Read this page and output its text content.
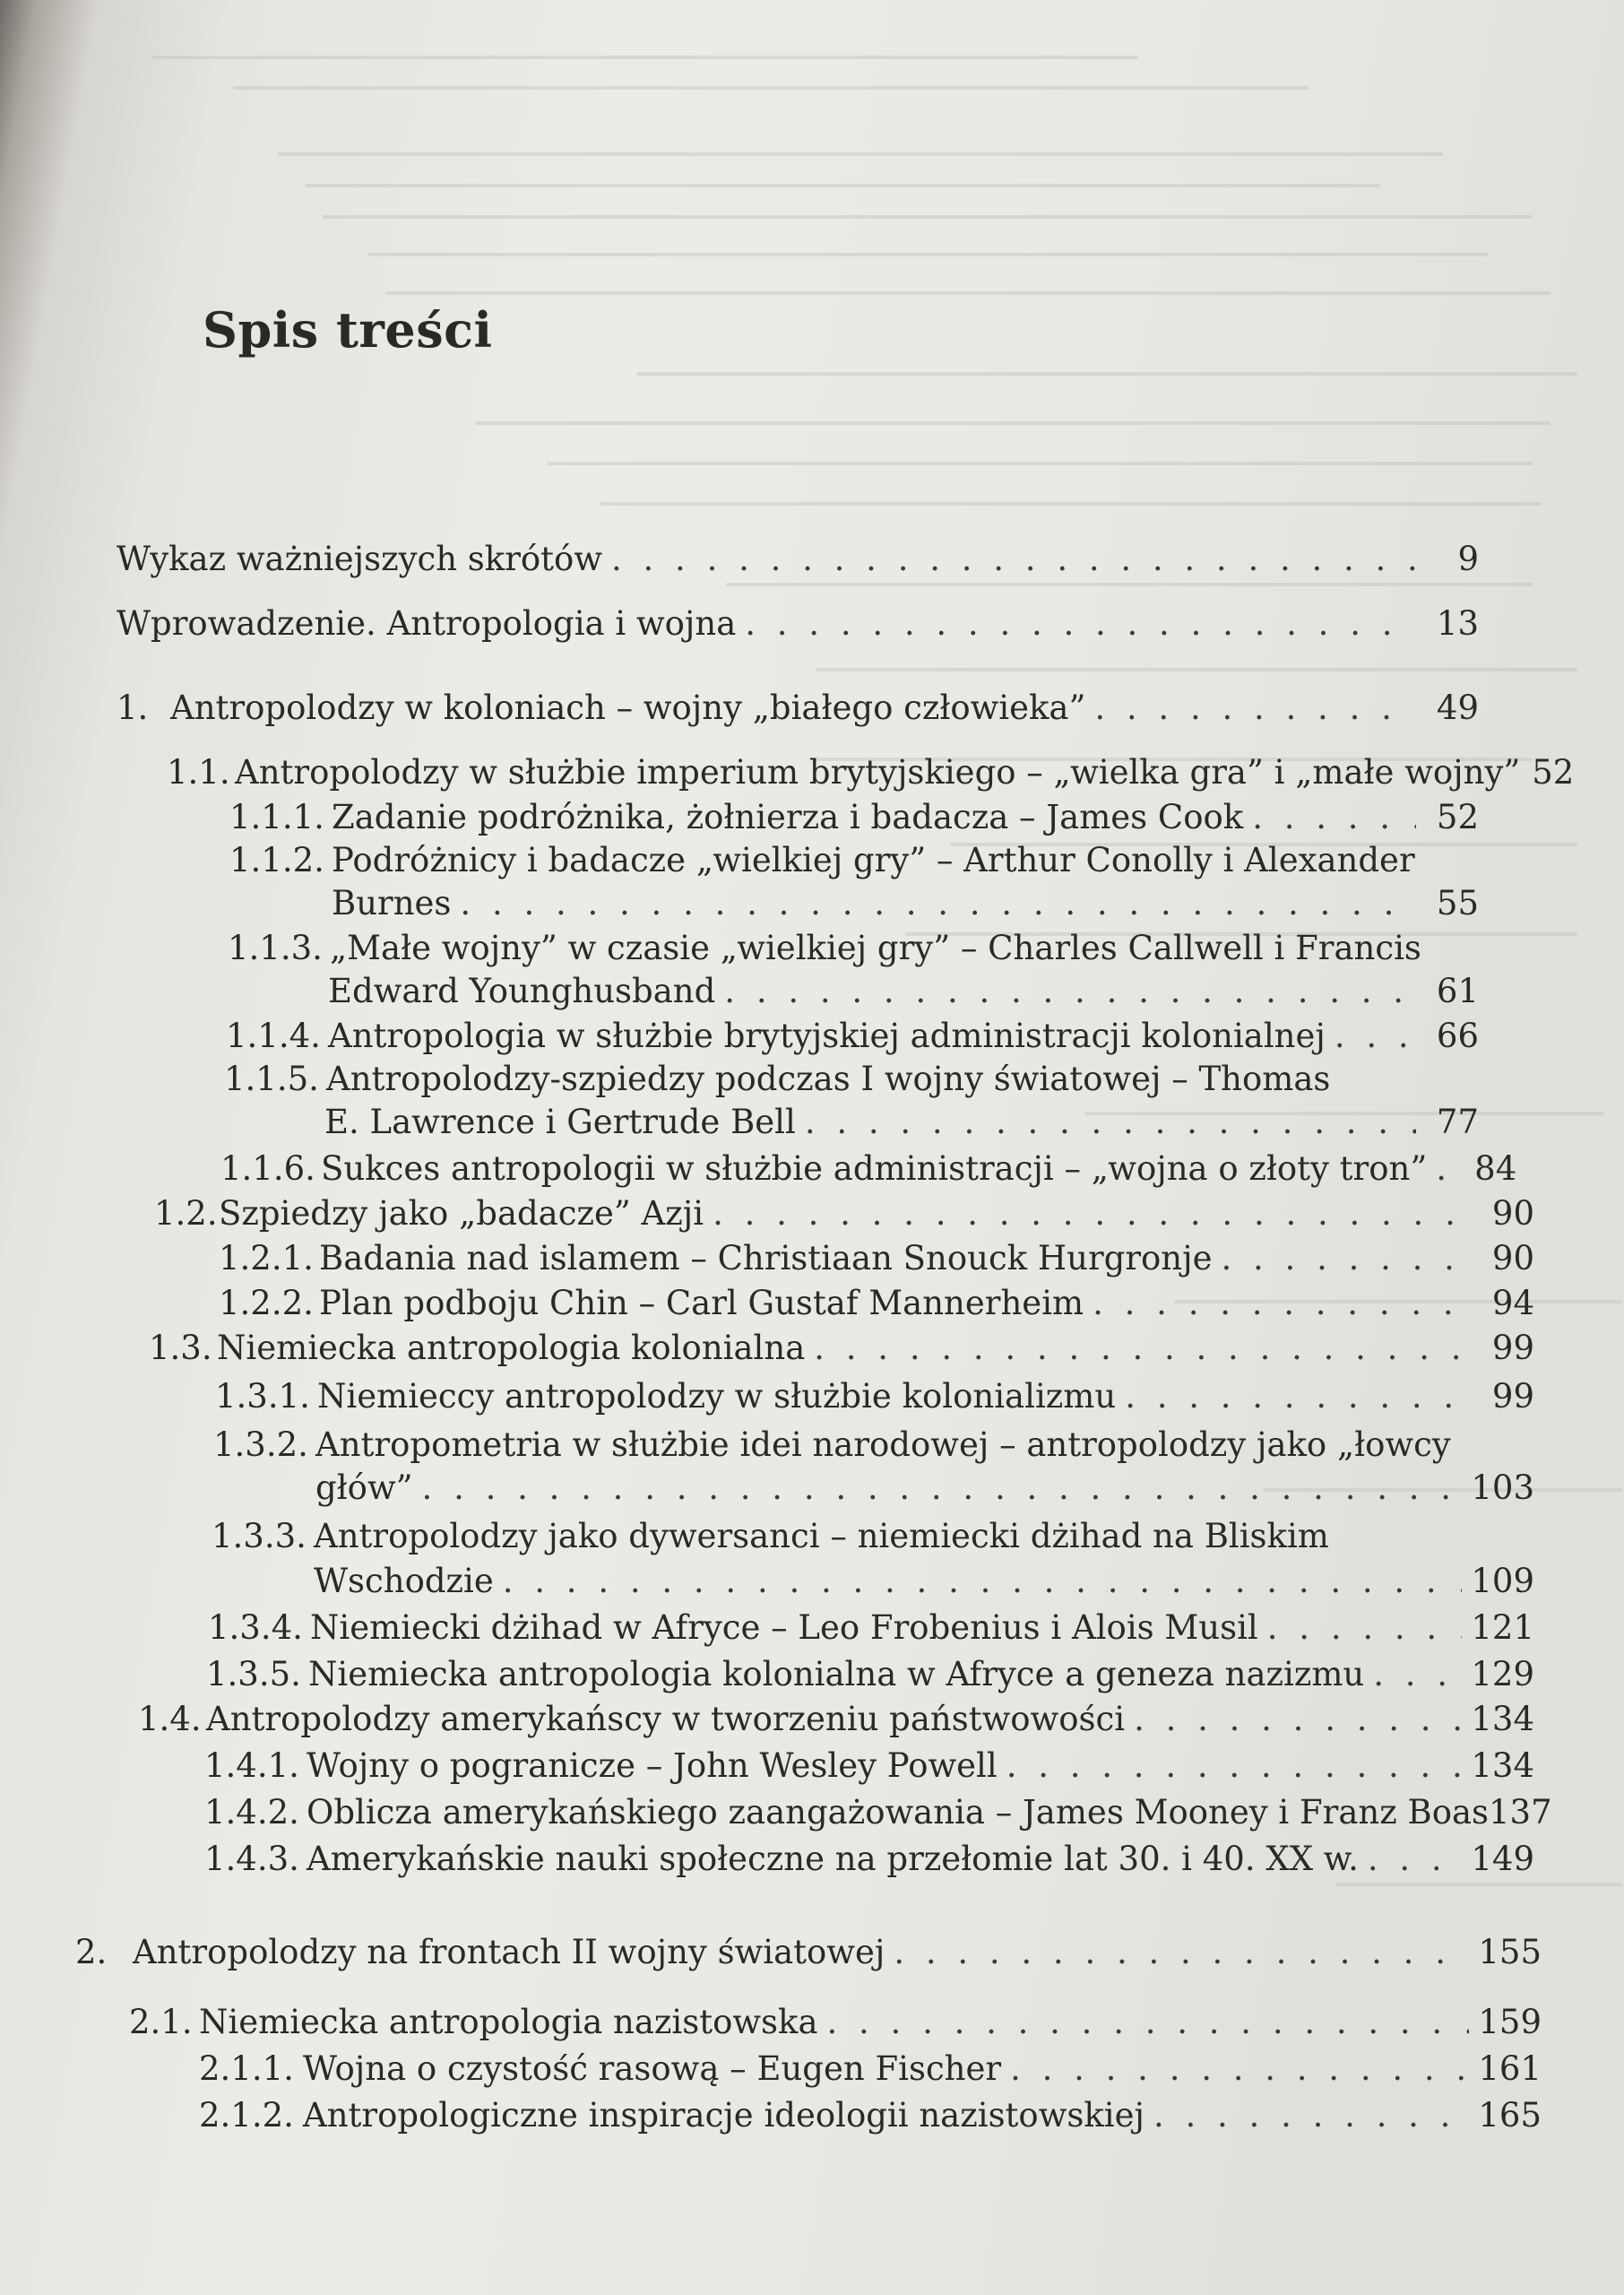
Spis treści
Wykaz ważniejszych skrótów . . .	9
Wprowadzenie. Antropologia i wojna . . .	13
1. Antropolodzy w koloniach – wojny „białego człowieka” . . .	49
1.1. Antropolodzy w służbie imperium brytyjskiego – „wielka gra” i „małe wojny” 52
1.1.1. Zadanie podróżnika, żołnierza i badacza – James Cook . . .	52
1.1.2. Podróżnicy i badacze „wielkiej gry” – Arthur Conolly i Alexander
Burnes . . .	55
1.1.3. „Małe wojny” w czasie „wielkiej gry” – Charles Callwell i Francis
Edward Younghusband . . .	61
1.1.4. Antropologia w służbie brytyjskiej administracji kolonialnej . . .	66
1.1.5. Antropolodzy-szpiedzy podczas I wojny światowej – Thomas
E. Lawrence i Gertrude Bell . . .	77
1.1.6. Sukces antropologii w służbie administracji – „wojna o złoty tron” . . .	84
1.2. Szpiedzy jako „badacze” Azji . . .	90
1.2.1. Badania nad islamem – Christiaan Snouck Hurgronje . . .	90
1.2.2. Plan podboju Chin – Carl Gustaf Mannerheim . . .	94
1.3. Niemiecka antropologia kolonialna . . .	99
1.3.1. Niemieccy antropolodzy w służbie kolonializmu . . .	99
1.3.2. Antropometria w służbie idei narodowej – antropolodzy jako „łowcy
głów” . . .	103
1.3.3. Antropolodzy jako dywersanci – niemiecki dżihad na Bliskim
Wschodzie . . .	109
1.3.4. Niemiecki dżihad w Afryce – Leo Frobenius i Alois Musil . . .	121
1.3.5. Niemiecka antropologia kolonialna w Afryce a geneza nazizmu . . .	129
1.4. Antropolodzy amerykańscy w tworzeniu państwowości . . .	134
1.4.1. Wojny o pogranicze – John Wesley Powell . . .	134
1.4.2. Oblicza amerykańskiego zaangażowania – James Mooney i Franz Boas 137
1.4.3. Amerykańskie nauki społeczne na przełomie lat 30. i 40. XX w. . . .	149
2. Antropolodzy na frontach II wojny światowej . . .	155
2.1. Niemiecka antropologia nazistowska . . .	159
2.1.1. Wojna o czystość rasową – Eugen Fischer . . .	161
2.1.2. Antropologiczne inspiracje ideologii nazistowskiej . . .	165
